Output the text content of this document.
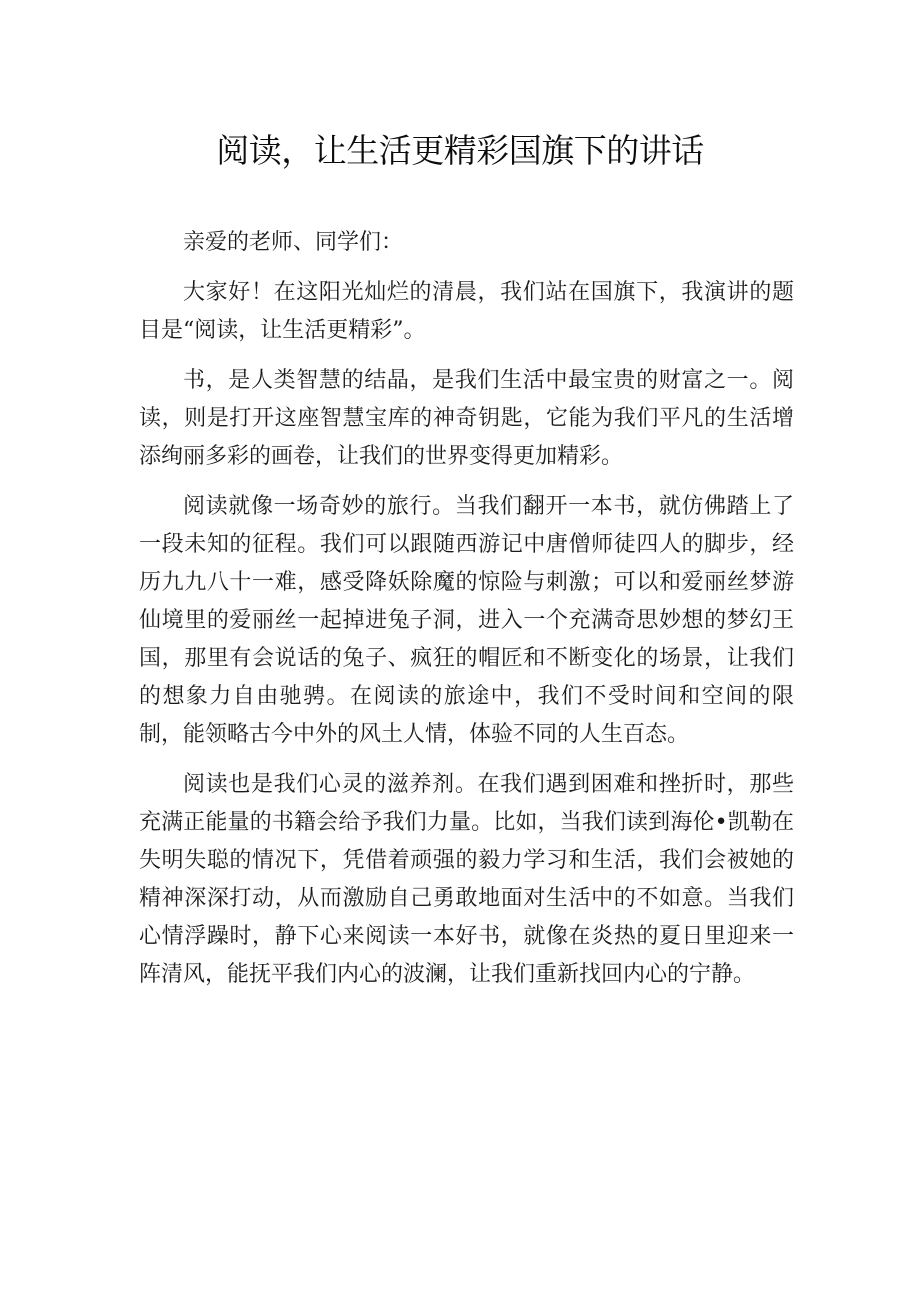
阅读，让生活更精彩国旗下的讲话

亲爱的老师、同学们：

大家好！在这阳光灿烂的清晨，我们站在国旗下，我演讲的题目是“阅读，让生活更精彩”。

书，是人类智慧的结晶，是我们生活中最宝贵的财富之一。阅读，则是打开这座智慧宝库的神奇钥匙，它能为我们平凡的生活增添绚丽多彩的画卷，让我们的世界变得更加精彩。

阅读就像一场奇妙的旅行。当我们翻开一本书，就仿佛踏上了一段未知的征程。我们可以跟随西游记中唐僧师徒四人的脚步，经历九九八十一难，感受降妖除魔的惊险与刺激；可以和爱丽丝梦游仙境里的爱丽丝一起掉进兔子洞，进入一个充满奇思妙想的梦幻王国，那里有会说话的兔子、疯狂的帽匠和不断变化的场景，让我们的想象力自由驰骋。在阅读的旅途中，我们不受时间和空间的限制，能领略古今中外的风土人情，体验不同的人生百态。

阅读也是我们心灵的滋养剂。在我们遇到困难和挫折时，那些充满正能量的书籍会给予我们力量。比如，当我们读到海伦•凯勒在失明失聪的情况下，凭借着顽强的毅力学习和生活，我们会被她的精神深深打动，从而激励自己勇敢地面对生活中的不如意。当我们心情浮躁时，静下心来阅读一本好书，就像在炎热的夏日里迎来一阵清风，能抚平我们内心的波澜，让我们重新找回内心的宁静。
